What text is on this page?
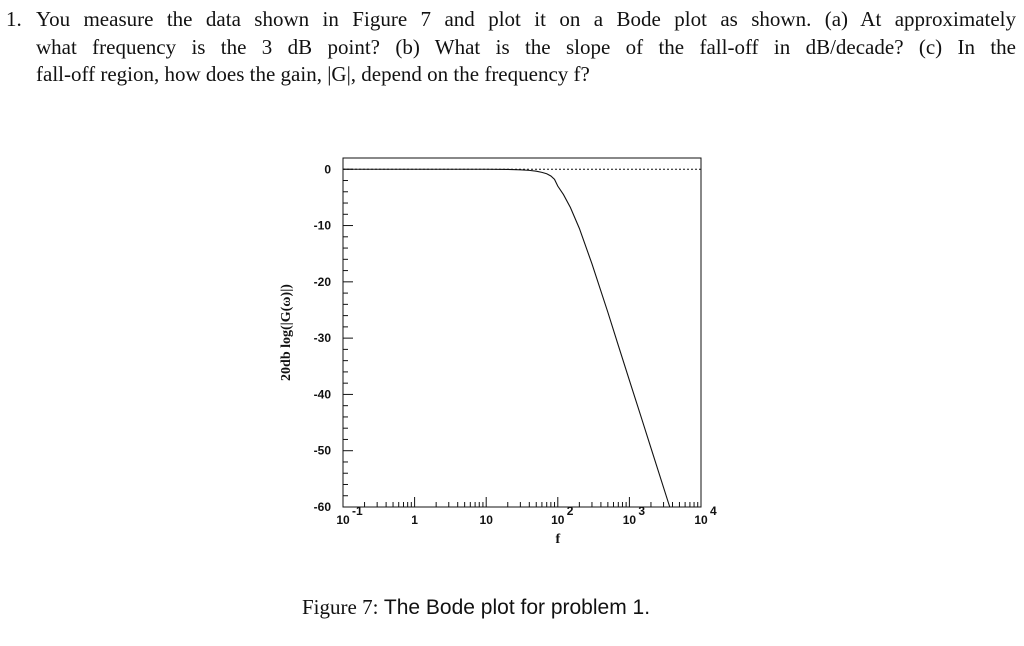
1. You measure the data shown in Figure 7 and plot it on a Bode plot as shown. (a) At approximately
what frequency is the 3 dB point? (b) What is the slope of the fall-off in dB/decade? (c) In the
fall-off region, how does the gain, |G|, depend on the frequency f?
0
-10
-20
-30
-40
-50
-60
10
-1
1	10	10
2
10
3
10
4
f
20db log(|G(ω)|)
Figure 7: The Bode plot for problem 1.
